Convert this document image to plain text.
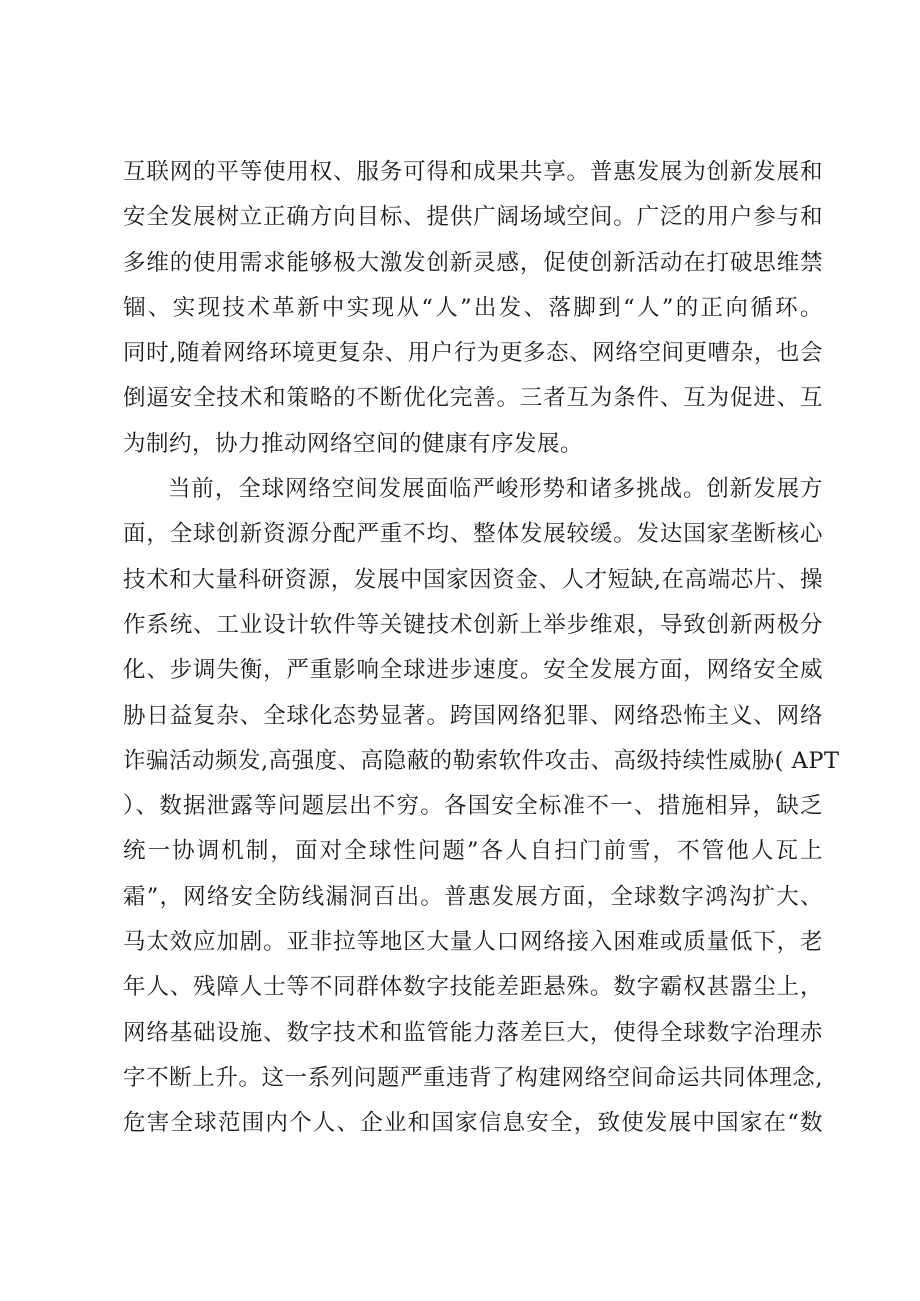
互联网的平等使用权、服务可得和成果共享。普惠发展为创新发展和
安全发展树立正确方向目标、提供广阔场域空间。广泛的用户参与和
多维的使用需求能够极大激发创新灵感，促使创新活动在打破思维禁
锢、实现技术革新中实现从“人”出发、落脚到“人”的正向循环。
同时,随着网络环境更复杂、用户行为更多态、网络空间更嘈杂，也会
倒逼安全技术和策略的不断优化完善。三者互为条件、互为促进、互
为制约，协力推动网络空间的健康有序发展。
当前，全球网络空间发展面临严峻形势和诸多挑战。创新发展方
面，全球创新资源分配严重不均、整体发展较缓。发达国家垄断核心
技术和大量科研资源，发展中国家因资金、人才短缺,在高端芯片、操
作系统、工业设计软件等关键技术创新上举步维艰，导致创新两极分
化、步调失衡，严重影响全球进步速度。安全发展方面，网络安全威
胁日益复杂、全球化态势显著。跨国网络犯罪、网络恐怖主义、网络
诈骗活动频发,高强度、高隐蔽的勒索软件攻击、高级持续性威胁( APT
）、数据泄露等问题层出不穷。各国安全标准不一、措施相异，缺乏
统一协调机制，面对全球性问题”各人自扫门前雪，不管他人瓦上
霜”，网络安全防线漏洞百出。普惠发展方面，全球数字鸿沟扩大、
马太效应加剧。亚非拉等地区大量人口网络接入困难或质量低下，老
年人、残障人士等不同群体数字技能差距悬殊。数字霸权甚嚣尘上，
网络基础设施、数字技术和监管能力落差巨大，使得全球数字治理赤
字不断上升。这一系列问题严重违背了构建网络空间命运共同体理念,
危害全球范围内个人、企业和国家信息安全，致使发展中国家在“数
